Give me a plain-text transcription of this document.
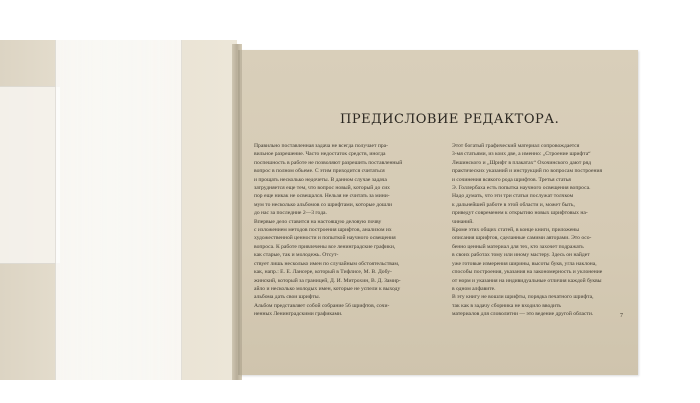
ПРЕДИСЛОВИЕ РЕДАКТОРА.
Правильно поставленная задача не всегда получает пра-
вильное разрешение. Часто недостаток средств, иногда
поспешность в работе не позволяют разрешить поставленный
вопрос в полном объеме. С этим приходится считаться
и прощать несколько недочеты. В данном случае задача
затрудняется еще тем, что вопрос новый, который до сих
пор еще никак не освещался. Нельзя не считать за мини-
мум то несколько альбомов со шрифтами, которые дошли
до нас за последние 2—3 года.
Впервые дело ставится на настоящую деловую почву
с изложением методов построения шрифтов, анализом их
художественной ценности и попыткой научного освещения
вопроса. К работе привлечены все ленинградские графики,
как старые, так и молодежь. Отсут-
ствует лишь несколько имен по случайным обстоятельствам,
как, напр.: Е. Е. Лансере, который в Тифлисе, М. В. Добу-
жинский, который за границей, Д. И. Митрохин, В. Д. Замир-
айло и несколько молодых имен, которые не успели к выходу
альбома дать свои шрифты.
Альбом представляет собой собрание 56 шрифтов, сочи-
ненных Ленинградскими графиками.
Этот богатый графический материал сопровождается
3-мя статьями, из коих две, а именно: „Строение шрифта“
Лешинского и „Шрифт в плакатах“ Охочинского дают ряд
практических указаний и инструкций по вопросам построения
и сочинения всякого рода шрифтов. Третья статья
Э. Голлербаха есть попытка научного освещения вопроса.
Надо думать, что эти три статьи послужат толчком
к дальнейшей работе в этой области и, может быть,
приведут современем к открытию новых шрифтовых на-
чинаний.
Кроме этих общих статей, в конце книги, приложены
описания шрифтов, сделанные самими авторами. Это осо-
бенно ценный материал для тех, кто захочет подражать
в своих работах тому или иному мастеру. Здесь он найдет
уже готовые измерения ширины, высоты букв, угла наклона,
способы построения, указания на закономерность и уклонение
от норм и указания на индивидуальные отличия каждой буквы
в одном алфавите.
В эту книгу не вошли шрифты, порядка печатного шрифта,
так как в задачу сборника не входило вводить
материалов для словолитни — это ведение другой области.	7
